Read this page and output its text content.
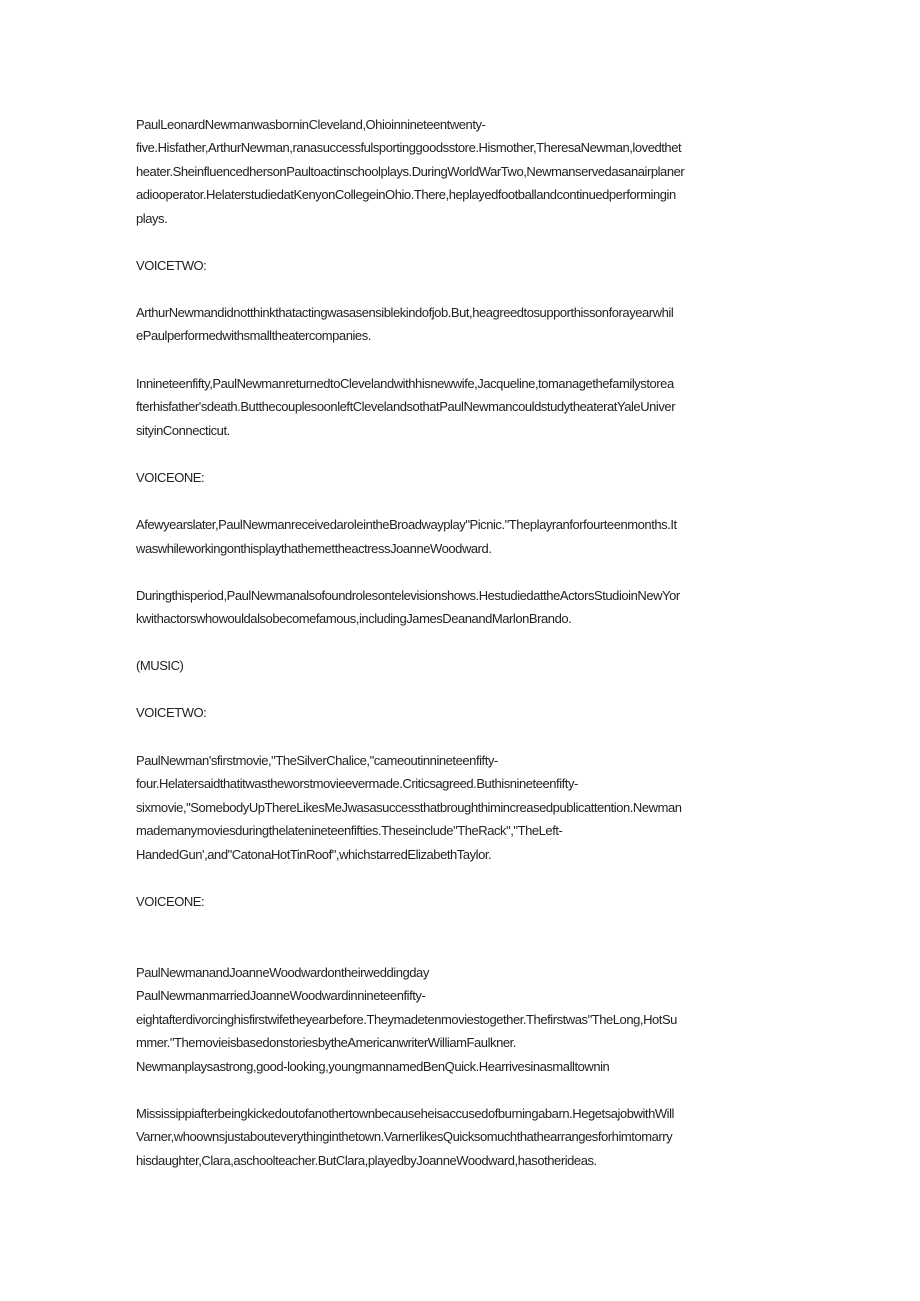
PaulLeonardNewmanwasborninCleveland,Ohioinnineteentwenty-
five.Hisfather,ArthurNewman,ranasuccessfulsportinggoodsstore.Hismother,TheresaNewman,lovedthet
heater.SheinfluencedhersonPaultoactinschoolplays.DuringWorldWarTwo,Newmanservedasanairplaner
adiooperator.HelaterstudiedatKenyonCollegeinOhio.There,heplayedfootballandcontinuedperformingin
plays.
VOICETWO:
ArthurNewmandidnotthinkthatactingwasasensiblekindofjob.But,heagreedtosupporthissonforayearwhil
ePaulperformedwithsmalltheatercompanies.
Innineteenfifty,PaulNewmanreturnedtoClevelandwithhisnewwife,Jacqueline,tomanagethefamilystorea
fterhisfather'sdeath.ButthecouplesoonleftClevelandsothatPaulNewmancouldstudytheateratYaleUniver
sityinConnecticut.
VOICEONE:
Afewyearslater,PaulNewmanreceivedaroleintheBroadwayplay"Picnic."Theplayranforfourteenmonths.It
waswhileworkingonthisplaythathemettheactressJoanneWoodward.
Duringthisperiod,PaulNewmanalsofoundrolesontelevisionshows.HestudiedattheActorsStudioinNewYor
kwithactorswhowouldalsobecomefamous,includingJamesDeanandMarlonBrando.
(MUSIC)
VOICETWO:
PaulNewman'sfirstmovie,"TheSilverChalice,"cameoutinnineteenfifty-
four.Helatersaidthatitwastheworstmovieevermade.Criticsagreed.Buthisnineteenfifty-
sixmovie,"SomebodyUpThereLikesMeJwasasuccessthatbroughthimincreasedpublicattention.Newman
mademanymoviesduringthelatenineteenfifties.Theseinclude"TheRack","TheLeft-
HandedGun',and"CatonaHotTinRoof",whichstarredElizabethTaylor.
VOICEONE:
PaulNewmanandJoanneWoodwardontheirweddingday
PaulNewmanmarriedJoanneWoodwardinnineteenfifty-
eightafterdivorcinghisfirstwifetheyearbefore.Theymadetenmoviestogether.Thefirstwas"TheLong,HotSu
mmer."ThemovieisbasedonstoriesbytheAmericanwriterWilliamFaulkner.
Newmanplaysastrong,good-looking,youngmannamedBenQuick.Hearrivesinasmalltownin
Mississippiafterbeingkickedoutofanothertownbecauseheisaccusedofburningabarn.HegetsajobwithWill
Varner,whoownsjustabouteverythinginthetown.VarnerlikesQuicksomuchthathearrangesforhimtomarry
hisdaughter,Clara,aschoolteacher.ButClara,playedbyJoanneWoodward,hasotherideas.
